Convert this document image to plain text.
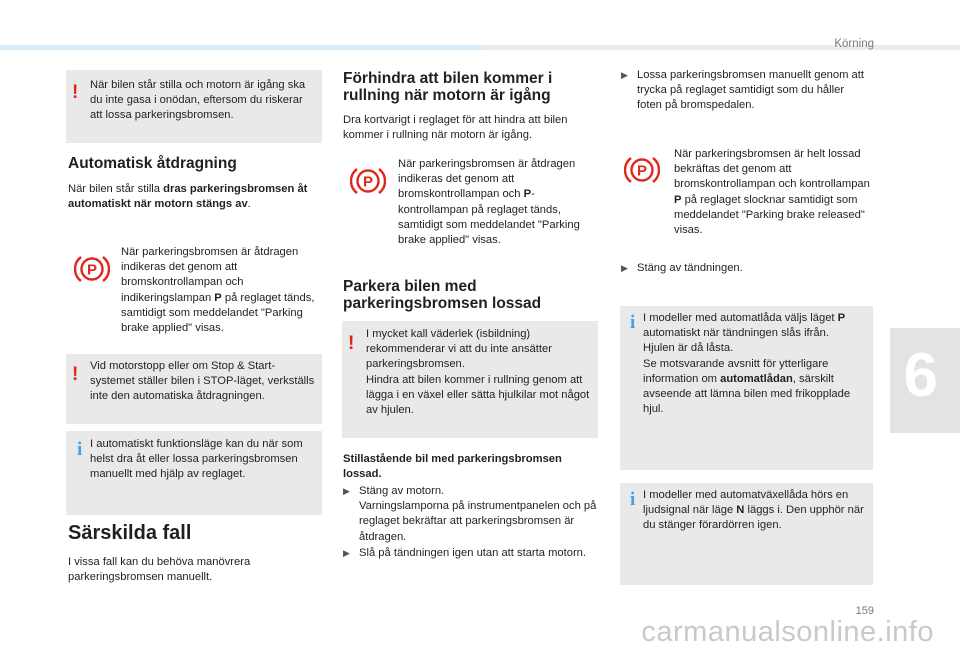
Körning
6
! När bilen står stilla och motorn är igång ska du inte gasa i onödan, eftersom du riskerar att lossa parkeringsbromsen.

Automatisk åtdragning

När bilen står stilla dras parkeringsbromsen åt automatiskt när motorn stängs av.

När parkeringsbromsen är åtdragen indikeras det genom att bromskontrollampan och indikeringslampan P på reglaget tänds, samtidigt som meddelandet "Parking brake applied" visas.

! Vid motorstopp eller om Stop & Start-systemet ställer bilen i STOP-läget, verkställs inte den automatiska åtdragningen.

i I automatiskt funktionsläge kan du när som helst dra åt eller lossa parkeringsbromsen manuellt med hjälp av reglaget.

Särskilda fall

I vissa fall kan du behöva manövrera parkeringsbromsen manuellt.

Förhindra att bilen kommer i rullning när motorn är igång

Dra kortvarigt i reglaget för att hindra att bilen kommer i rullning när motorn är igång.

När parkeringsbromsen är åtdragen indikeras det genom att bromskontrollampan och P-kontrollampan på reglaget tänds, samtidigt som meddelandet "Parking brake applied" visas.

Parkera bilen med parkeringsbromsen lossad
! I mycket kall väderlek (isbildning) rekommenderar vi att du inte ansätter parkeringsbromsen.

Hindra att bilen kommer i rullning genom att lägga i en växel eller sätta hjulkilar mot något av hjulen.

Stillastående bil med parkeringsbromsen lossad.

▶ Stäng av motorn.
Varningslamporna på instrumentpanelen och på reglaget bekräftar att parkeringsbromsen är åtdragen.
▶ Slå på tändningen igen utan att starta motorn.
▶ Lossa parkeringsbromsen manuellt genom att trycka på reglaget samtidigt som du håller foten på bromspedalen.

När parkeringsbromsen är helt lossad bekräftas det genom att bromskontrollampan och kontrollampan P på reglaget slocknar samtidigt som meddelandet "Parking brake released" visas.

▶ Stäng av tändningen.
i I modeller med automatlåda väljs läget P automatiskt när tändningen slås ifrån.

Hjulen är då låsta.

Se motsvarande avsnitt för ytterligare information om automatlådan, särskilt avseende att lämna bilen med frikopplade hjul.

i I modeller med automatväxellåda hörs en ljudsignal när läge N läggs i. Den upphör när du stänger förardörren igen.

159
carmanualsonline.info
